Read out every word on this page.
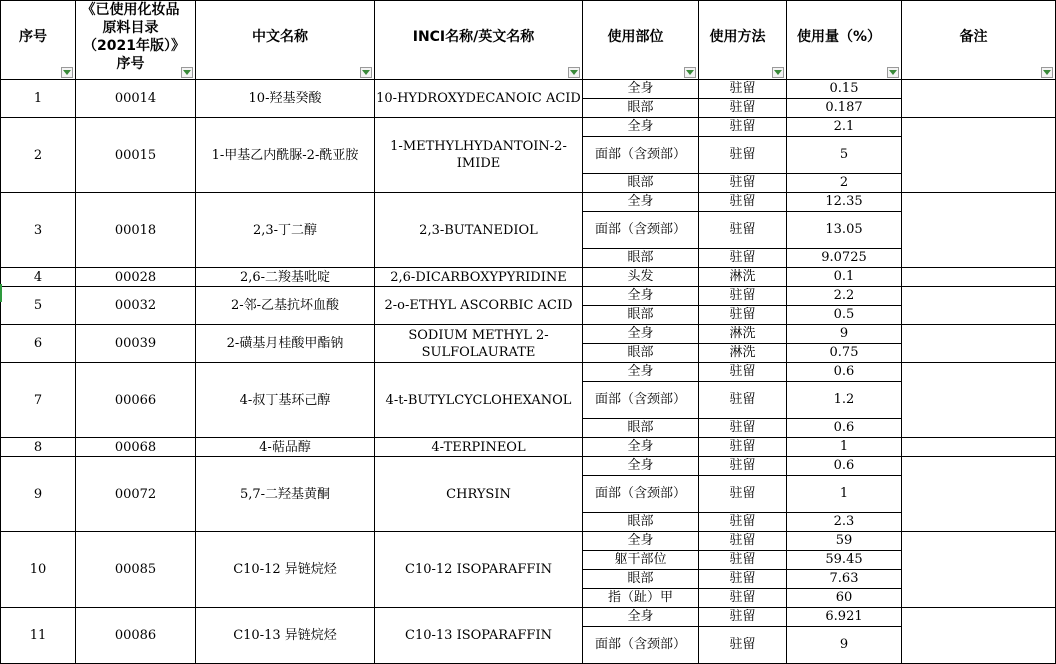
序号	《已使用化妆品原料目录（2021年版）》序号	中文名称	INCI名称/英文名称	使用部位	使用方法	使用量（%）	备注

1	00014	10-羟基癸酸	10-HYDROXYDECANOIC ACID	全身	驻留	0.15	
				眼部	驻留	0.187	
2	00015	1-甲基乙内酰脲-2-酰亚胺	1-METHYLHYDANTOIN-2-IMIDE	全身	驻留	2.1	
				面部（含颈部）	驻留	5	
				眼部	驻留	2	
3	00018	2,3-丁二醇	2,3-BUTANEDIOL	全身	驻留	12.35	
				面部（含颈部）	驻留	13.05	
				眼部	驻留	9.0725	
4	00028	2,6-二羧基吡啶	2,6-DICARBOXYPYRIDINE	头发	淋洗	0.1	
5	00032	2-邻-乙基抗坏血酸	2-o-ETHYL ASCORBIC ACID	全身	驻留	2.2	
				眼部	驻留	0.5	
6	00039	2-磺基月桂酸甲酯钠	SODIUM METHYL 2-SULFOLAURATE	全身	淋洗	9	
				眼部	淋洗	0.75	
7	00066	4-叔丁基环己醇	4-t-BUTYLCYCLOHEXANOL	全身	驻留	0.6	
				面部（含颈部）	驻留	1.2	
				眼部	驻留	0.6	
8	00068	4-萜品醇	4-TERPINEOL	全身	驻留	1	
9	00072	5,7-二羟基黄酮	CHRYSIN	全身	驻留	0.6	
				面部（含颈部）	驻留	1	
				眼部	驻留	2.3	
10	00085	C10-12 异链烷烃	C10-12 ISOPARAFFIN	全身	驻留	59	
				躯干部位	驻留	59.45	
				眼部	驻留	7.63	
				指（趾）甲	驻留	60	
11	00086	C10-13 异链烷烃	C10-13 ISOPARAFFIN	全身	驻留	6.921	
				面部（含颈部）	驻留	9	
